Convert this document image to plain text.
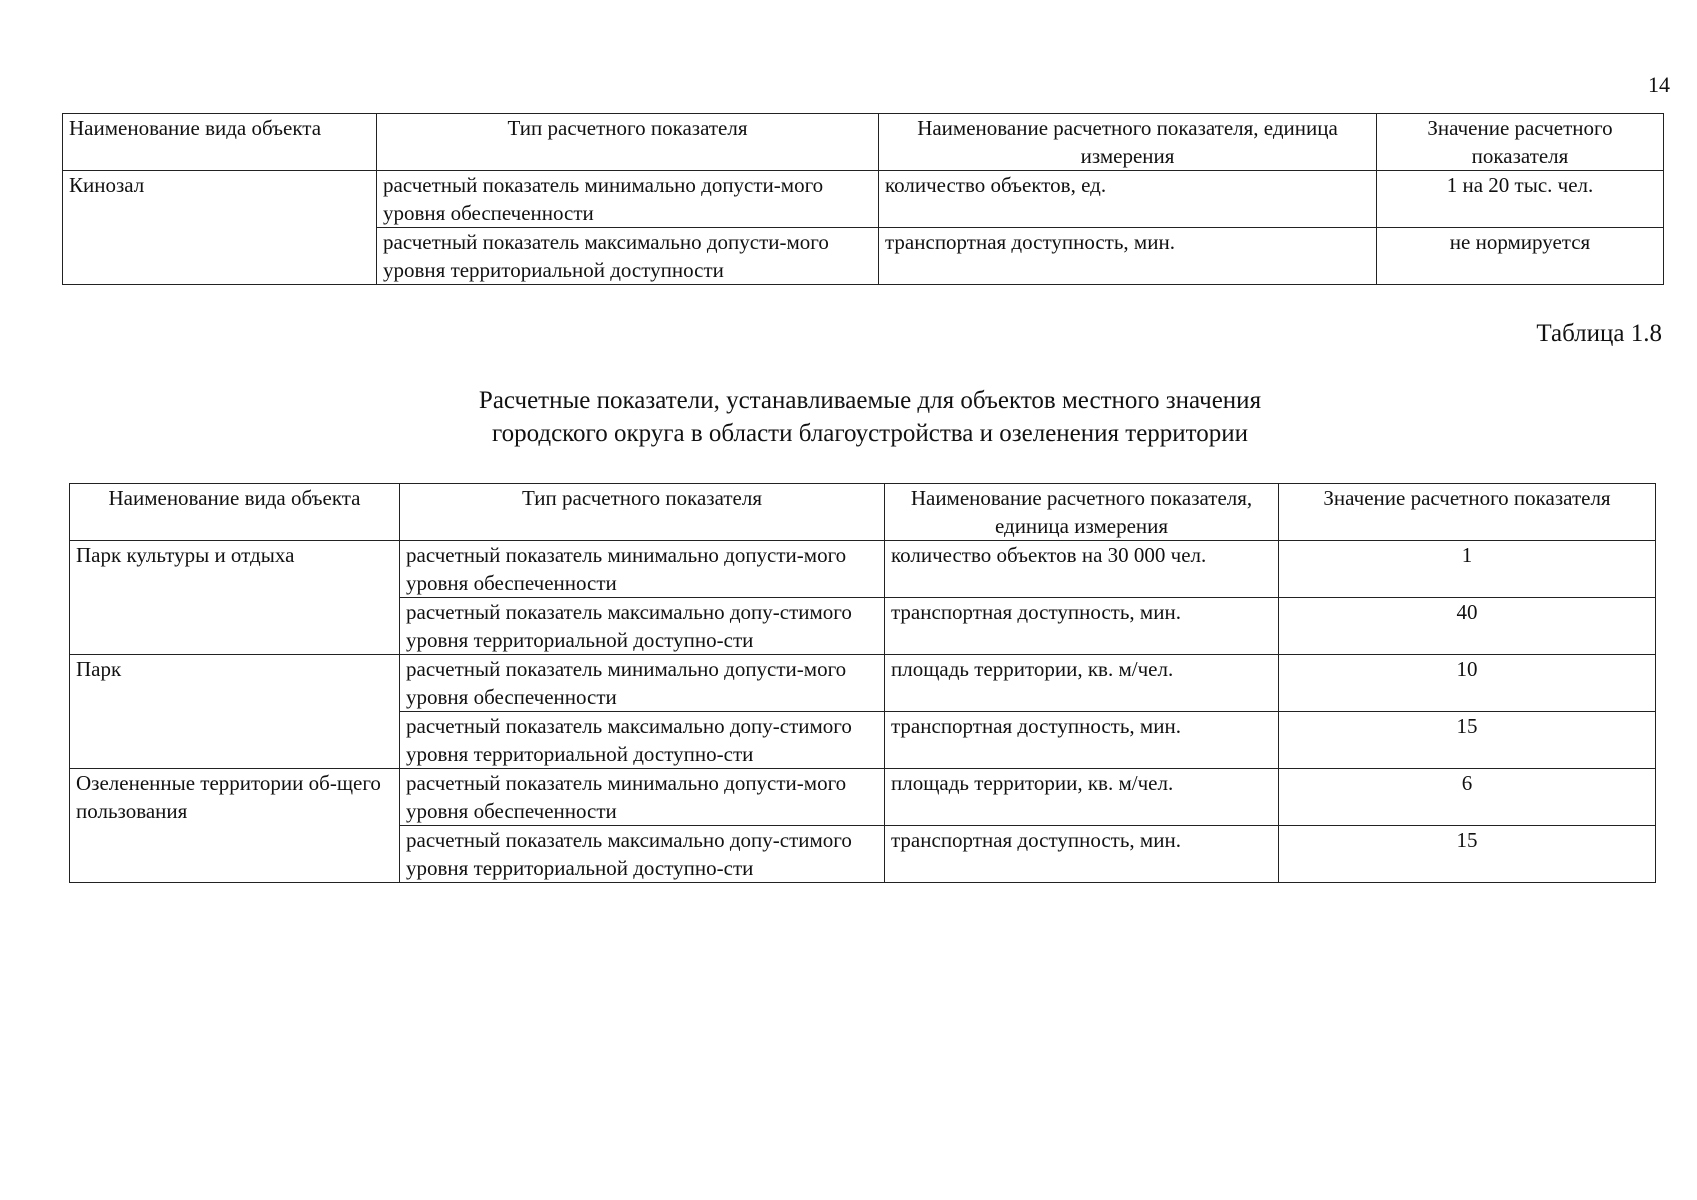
14
Наименование вида объекта	Тип расчетного показателя	Наименование расчетного показателя, единица измерения	Значение расчетного показателя
Кинозал	расчетный показатель минимально допусти-мого уровня обеспеченности	количество объектов, ед.	1 на 20 тыс. чел.
	расчетный показатель максимально допусти-мого уровня территориальной доступности	транспортная доступность, мин.	не нормируется
Таблица 1.8
Расчетные показатели, устанавливаемые для объектов местного значения
городского округа в области благоустройства и озеленения территории
Наименование вида объекта	Тип расчетного показателя	Наименование расчетного показателя, единица измерения	Значение расчетного показателя
Парк культуры и отдыха	расчетный показатель минимально допусти-мого уровня обеспеченности	количество объектов на 30 000 чел.	1
	расчетный показатель максимально допу-стимого уровня территориальной доступно-сти	транспортная доступность, мин.	40
Парк	расчетный показатель минимально допусти-мого уровня обеспеченности	площадь территории, кв. м/чел.	10
	расчетный показатель максимально допу-стимого уровня территориальной доступно-сти	транспортная доступность, мин.	15
Озелененные территории об-щего пользования	расчетный показатель минимально допусти-мого уровня обеспеченности	площадь территории, кв. м/чел.	6
	расчетный показатель максимально допу-стимого уровня территориальной доступно-сти	транспортная доступность, мин.	15
